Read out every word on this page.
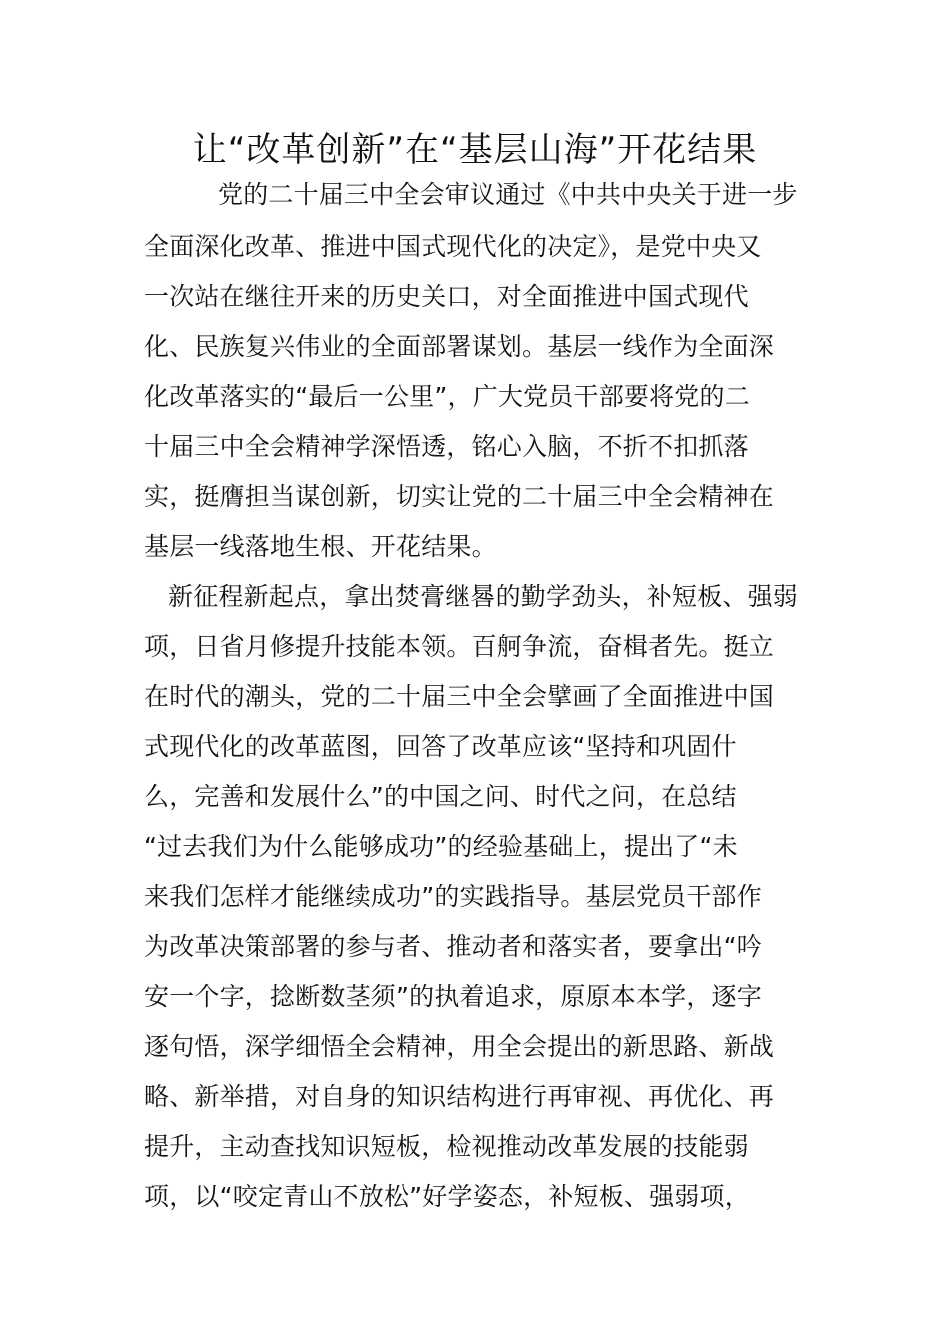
让“改革创新”在“基层山海”开花结果
党的二十届三中全会审议通过《中共中央关于进一步
全面深化改革、推进中国式现代化的决定》，是党中央又
一次站在继往开来的历史关口，对全面推进中国式现代
化、民族复兴伟业的全面部署谋划。基层一线作为全面深
化改革落实的“最后一公里”，广大党员干部要将党的二
十届三中全会精神学深悟透，铭心入脑，不折不扣抓落
实，挺膺担当谋创新，切实让党的二十届三中全会精神在
基层一线落地生根、开花结果。
新征程新起点，拿出焚膏继晷的勤学劲头，补短板、强弱
项，日省月修提升技能本领。百舸争流，奋楫者先。挺立
在时代的潮头，党的二十届三中全会擘画了全面推进中国
式现代化的改革蓝图，回答了改革应该“坚持和巩固什
么，完善和发展什么”的中国之问、时代之问，在总结
“过去我们为什么能够成功”的经验基础上，提出了“未
来我们怎样才能继续成功”的实践指导。基层党员干部作
为改革决策部署的参与者、推动者和落实者，要拿出“吟
安一个字，捻断数茎须”的执着追求，原原本本学，逐字
逐句悟，深学细悟全会精神，用全会提出的新思路、新战
略、新举措，对自身的知识结构进行再审视、再优化、再
提升，主动查找知识短板，检视推动改革发展的技能弱
项，以“咬定青山不放松”好学姿态，补短板、强弱项，
